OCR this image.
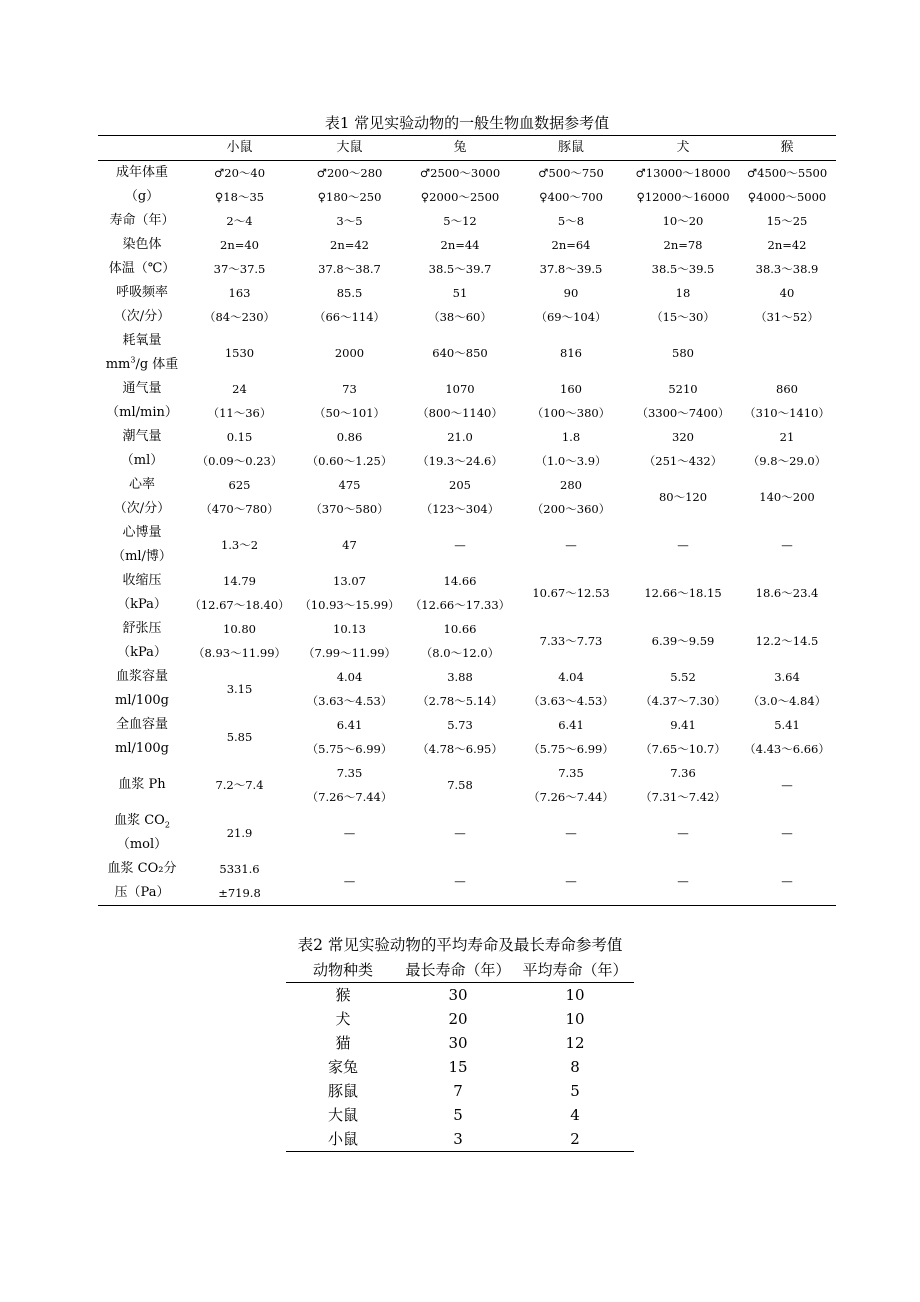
表1 常见实验动物的一般生物血数据参考值
	小鼠	大鼠	兔	豚鼠	犬	猴
成年体重	♂20～40	♂200～280	♂2500～3000	♂500～750	♂13000～18000	♂4500～5500
（g）	♀18～35	♀180～250	♀2000～2500	♀400～700	♀12000～16000	♀4000～5000
寿命（年）	2～4	3～5	5～12	5～8	10～20	15～25
染色体	2n=40	2n=42	2n=44	2n=64	2n=78	2n=42
体温（℃）	37～37.5	37.8～38.7	38.5～39.7	37.8～39.5	38.5～39.5	38.3～38.9
呼吸频率	163	85.5	51	90	18	40
（次/分）	（84～230）	（66～114）	（38～60）	（69～104）	（15～30）	（31～52）
耗氧量	1530	2000	640～850	816	580	
$mm^3/g$ 体重						
通气量	24	73	1070	160	5210	860
（ml/min）	（11～36）	（50～101）	（800～1140）	（100～380）	（3300～7400）	（310～1410）
潮气量	0.15	0.86	21.0	1.8	320	21
（ml）	（0.09～0.23）	（0.60～1.25）	（19.3～24.6）	（1.0～3.9）	（251～432）	（9.8～29.0）
心率	625	475	205	280	80～120	140～200
（次/分）	（470～780）	（370～580）	（123～304）	（200～360）		
心博量	1.3～2	47	—	—	—	—
（ml/博）						
收缩压	14.79	13.07	14.66	10.67～12.53	12.66～18.15	18.6～23.4
（kPa）	（12.67～18.40）	（10.93～15.99）	（12.66～17.33）			
舒张压	10.80	10.13	10.66	7.33～7.73	6.39～9.59	12.2～14.5
（kPa）	（8.93～11.99）	（7.99～11.99）	（8.0～12.0）			
血浆容量	3.15	4.04	3.88	4.04	5.52	3.64
ml/100g		（3.63～4.53）	（2.78～5.14）	（3.63～4.53）	（4.37～7.30）	（3.0～4.84）
全血容量	5.85	6.41	5.73	6.41	9.41	5.41
ml/100g		（5.75～6.99）	（4.78～6.95）	（5.75～6.99）	（7.65～10.7）	（4.43～6.66）
血浆 Ph	7.2～7.4	7.35	7.58	7.35	7.36	—
		（7.26～7.44）		（7.26～7.44）	（7.31～7.42）	
血浆 $CO_2$	21.9	—	—	—	—	—
（mol）						
血浆 CO₂分	5331.6	—	—	—	—	—
压（Pa）	±719.8					
表2 常见实验动物的平均寿命及最长寿命参考值
动物种类	最长寿命（年）	平均寿命（年）
猴	30	10
犬	20	10
猫	30	12
家兔	15	8
豚鼠	7	5
大鼠	5	4
小鼠	3	2
